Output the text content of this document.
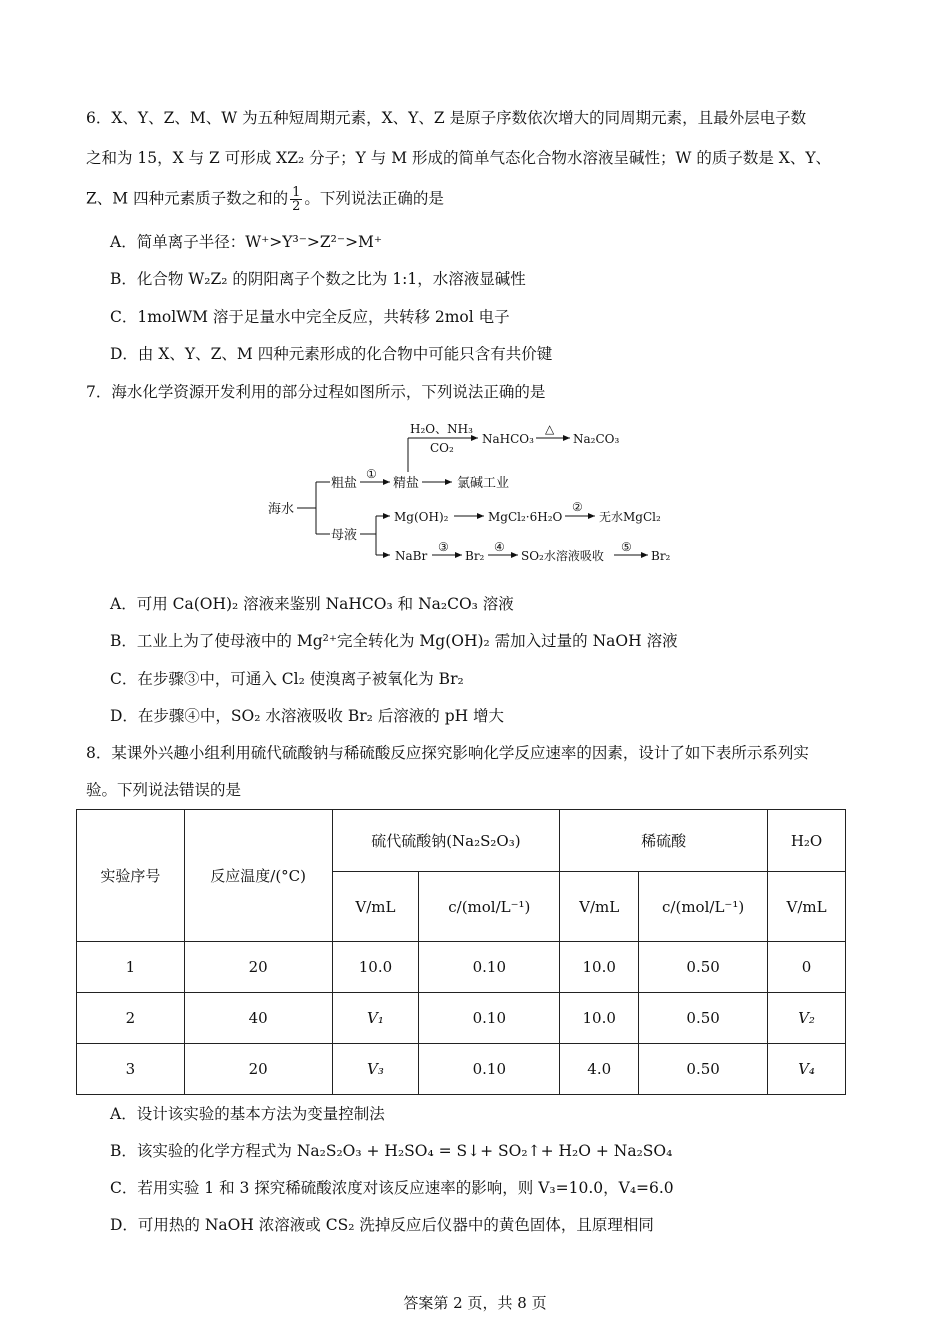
6．X、Y、Z、M、W 为五种短周期元素，X、Y、Z 是原子序数依次增大的同周期元素，且最外层电子数
之和为 15，X 与 Z 可形成 XZ₂ 分子；Y 与 M 形成的简单气态化合物水溶液呈碱性；W 的质子数是 X、Y、
Z、M 四种元素质子数之和的 $\frac{1}{2}$ 。下列说法正确的是
A．简单离子半径：W⁺>Y³⁻>Z²⁻>M⁺
B．化合物 W₂Z₂ 的阴阳离子个数之比为 1:1，水溶液显碱性
C．1molWM 溶于足量水中完全反应，共转移 2mol 电子
D．由 X、Y、Z、M 四种元素形成的化合物中可能只含有共价键
7．海水化学资源开发利用的部分过程如图所示，下列说法正确的是
海水
粗盐
①
精盐
H₂O、NH₃
CO₂
NaHCO₃
△
Na₂CO₃
氯碱工业
母液
Mg(OH)₂	MgCl₂·6H₂O
②
无水MgCl₂
NaBr
③
Br₂
④
SO₂水溶液吸收
⑤
Br₂
A．可用 Ca(OH)₂ 溶液来鉴别 NaHCO₃ 和 Na₂CO₃ 溶液
B．工业上为了使母液中的 Mg²⁺完全转化为 Mg(OH)₂ 需加入过量的 NaOH 溶液
C．在步骤③中，可通入 Cl₂ 使溴离子被氧化为 Br₂
D．在步骤④中，SO₂ 水溶液吸收 Br₂ 后溶液的 pH 增大
8．某课外兴趣小组利用硫代硫酸钠与稀硫酸反应探究影响化学反应速率的因素，设计了如下表所示系列实
验。下列说法错误的是
实验序号	反应温度/(°C)	硫代硫酸钠(Na₂S₂O₃)		稀硫酸		H₂O
		V/mL	c/(mol/L⁻¹)	V/mL	c/(mol/L⁻¹)	V/mL
1	20	10.0	0.10	10.0	0.50	0
2	40	V₁	0.10	10.0	0.50	V₂
3	20	V₃	0.10	4.0	0.50	V₄
A．设计该实验的基本方法为变量控制法
B．该实验的化学方程式为 Na₂S₂O₃ + H₂SO₄ = S↓+ SO₂↑+ H₂O + Na₂SO₄
C．若用实验 1 和 3 探究稀硫酸浓度对该反应速率的影响，则 V₃=10.0，V₄=6.0
D．可用热的 NaOH 浓溶液或 CS₂ 洗掉反应后仪器中的黄色固体，且原理相同
答案第 2 页，共 8 页
